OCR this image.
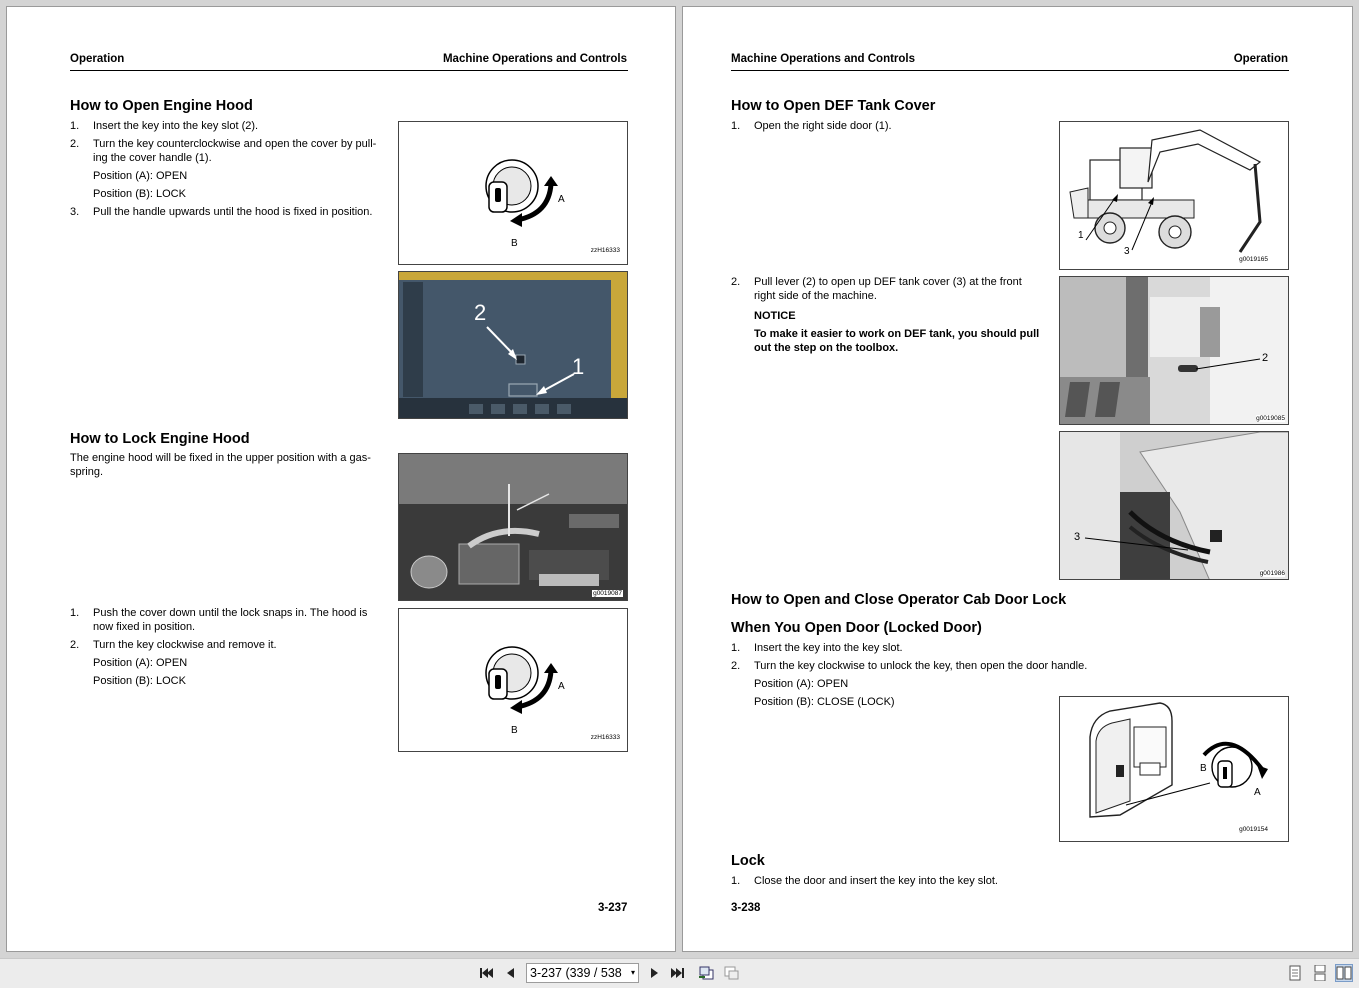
Operation	Machine Operations and Controls
How to Open Engine Hood
1. Insert the key into the key slot (2).
2. Turn the key counterclockwise and open the cover by pull-
ing the cover handle (1).
Position (A): OPEN
Position (B): LOCK
3. Pull the handle upwards until the hood is fixed in position.
A
B
zzH16333
2
1
How to Lock Engine Hood
The engine hood will be fixed in the upper position with a gas-
spring.
g0019087
1. Push the cover down until the lock snaps in. The hood is
now fixed in position.
2. Turn the key clockwise and remove it.
Position (A): OPEN
Position (B): LOCK	A
B
zzH16333
3-237
Machine Operations and Controls	Operation
How to Open DEF Tank Cover
1. Open the right side door (1).
1
3
g0019165
2. Pull lever (2) to open up DEF tank cover (3) at the front
right side of the machine.
NOTICE
To make it easier to work on DEF tank, you should pull
out the step on the toolbox.
2
g0019085
3
g001986
How to Open and Close Operator Cab Door Lock
When You Open Door (Locked Door)
1. Insert the key into the key slot.
2. Turn the key clockwise to unlock the key, then open the door handle.
Position (A): OPEN
Position (B): CLOSE (LOCK)
B
A
g0019154
Lock
1. Close the door and insert the key into the key slot.
3-238
3-237 (339 / 538 ▾
